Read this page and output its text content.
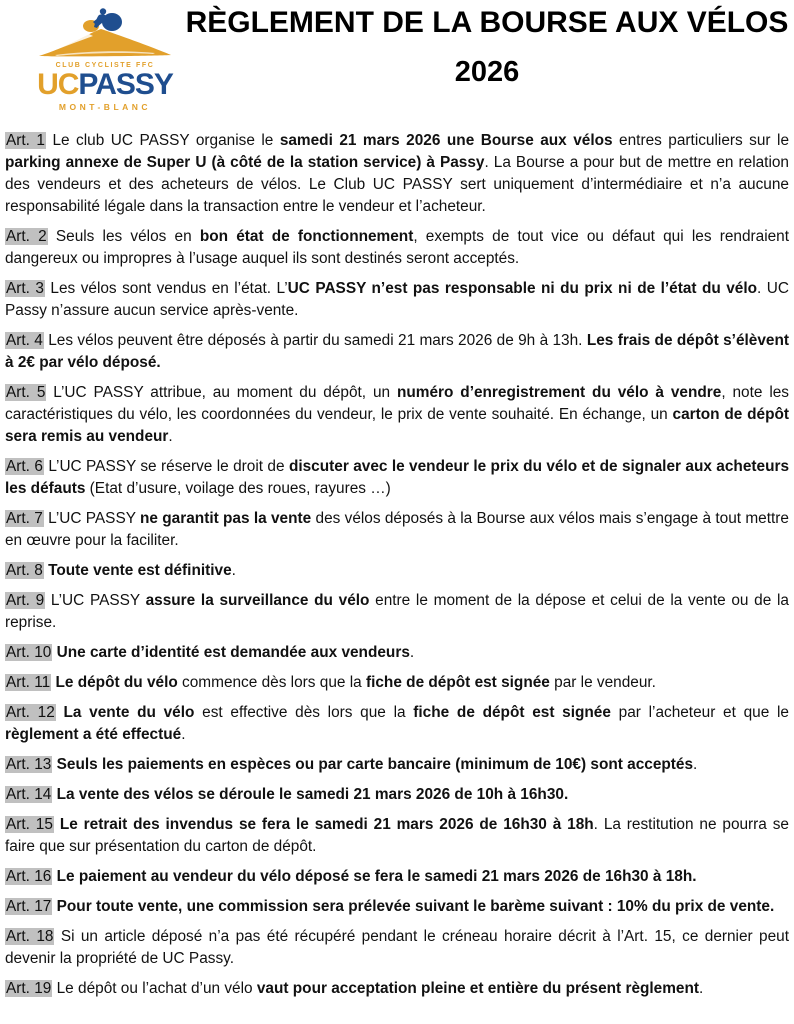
CLUB CYCLISTE FFC
UCPASSY
MONT-BLANC
RÈGLEMENT DE LA BOURSE AUX VÉLOS
2026

Art. 1 Le club UC PASSY organise le samedi 21 mars 2026 une Bourse aux vélos entres particuliers sur le parking annexe de Super U (à côté de la station service) à Passy. La Bourse a pour but de mettre en relation des vendeurs et des acheteurs de vélos. Le Club UC PASSY sert uniquement d’intermédiaire et n’a aucune responsabilité légale dans la transaction entre le vendeur et l’acheteur.

Art. 2 Seuls les vélos en bon état de fonctionnement, exempts de tout vice ou défaut qui les rendraient dangereux ou impropres à l’usage auquel ils sont destinés seront acceptés.

Art. 3 Les vélos sont vendus en l’état. L’UC PASSY n’est pas responsable ni du prix ni de l’état du vélo. UC Passy n’assure aucun service après-vente.

Art. 4 Les vélos peuvent être déposés à partir du samedi 21 mars 2026 de 9h à 13h. Les frais de dépôt s’élèvent à 2€ par vélo déposé.

Art. 5 L’UC PASSY attribue, au moment du dépôt, un numéro d’enregistrement du vélo à vendre, note les caractéristiques du vélo, les coordonnées du vendeur, le prix de vente souhaité. En échange, un carton de dépôt sera remis au vendeur.

Art. 6 L’UC PASSY se réserve le droit de discuter avec le vendeur le prix du vélo et de signaler aux acheteurs les défauts (Etat d’usure, voilage des roues, rayures …)

Art. 7 L’UC PASSY ne garantit pas la vente des vélos déposés à la Bourse aux vélos mais s’engage à tout mettre en œuvre pour la faciliter.

Art. 8 Toute vente est définitive.

Art. 9 L’UC PASSY assure la surveillance du vélo entre le moment de la dépose et celui de la vente ou de la reprise.

Art. 10 Une carte d’identité est demandée aux vendeurs.

Art. 11 Le dépôt du vélo commence dès lors que la fiche de dépôt est signée par le vendeur.

Art. 12 La vente du vélo est effective dès lors que la fiche de dépôt est signée par l’acheteur et que le règlement a été effectué.

Art. 13 Seuls les paiements en espèces ou par carte bancaire (minimum de 10€) sont acceptés.

Art. 14 La vente des vélos se déroule le samedi 21 mars 2026 de 10h à 16h30.

Art. 15 Le retrait des invendus se fera le samedi 21 mars 2026 de 16h30 à 18h. La restitution ne pourra se faire que sur présentation du carton de dépôt.

Art. 16 Le paiement au vendeur du vélo déposé se fera le samedi 21 mars 2026 de 16h30 à 18h.

Art. 17 Pour toute vente, une commission sera prélevée suivant le barème suivant : 10% du prix de vente.

Art. 18 Si un article déposé n’a pas été récupéré pendant le créneau horaire décrit à l’Art. 15, ce dernier peut devenir la propriété de UC Passy.

Art. 19 Le dépôt ou l’achat d’un vélo vaut pour acceptation pleine et entière du présent règlement.
